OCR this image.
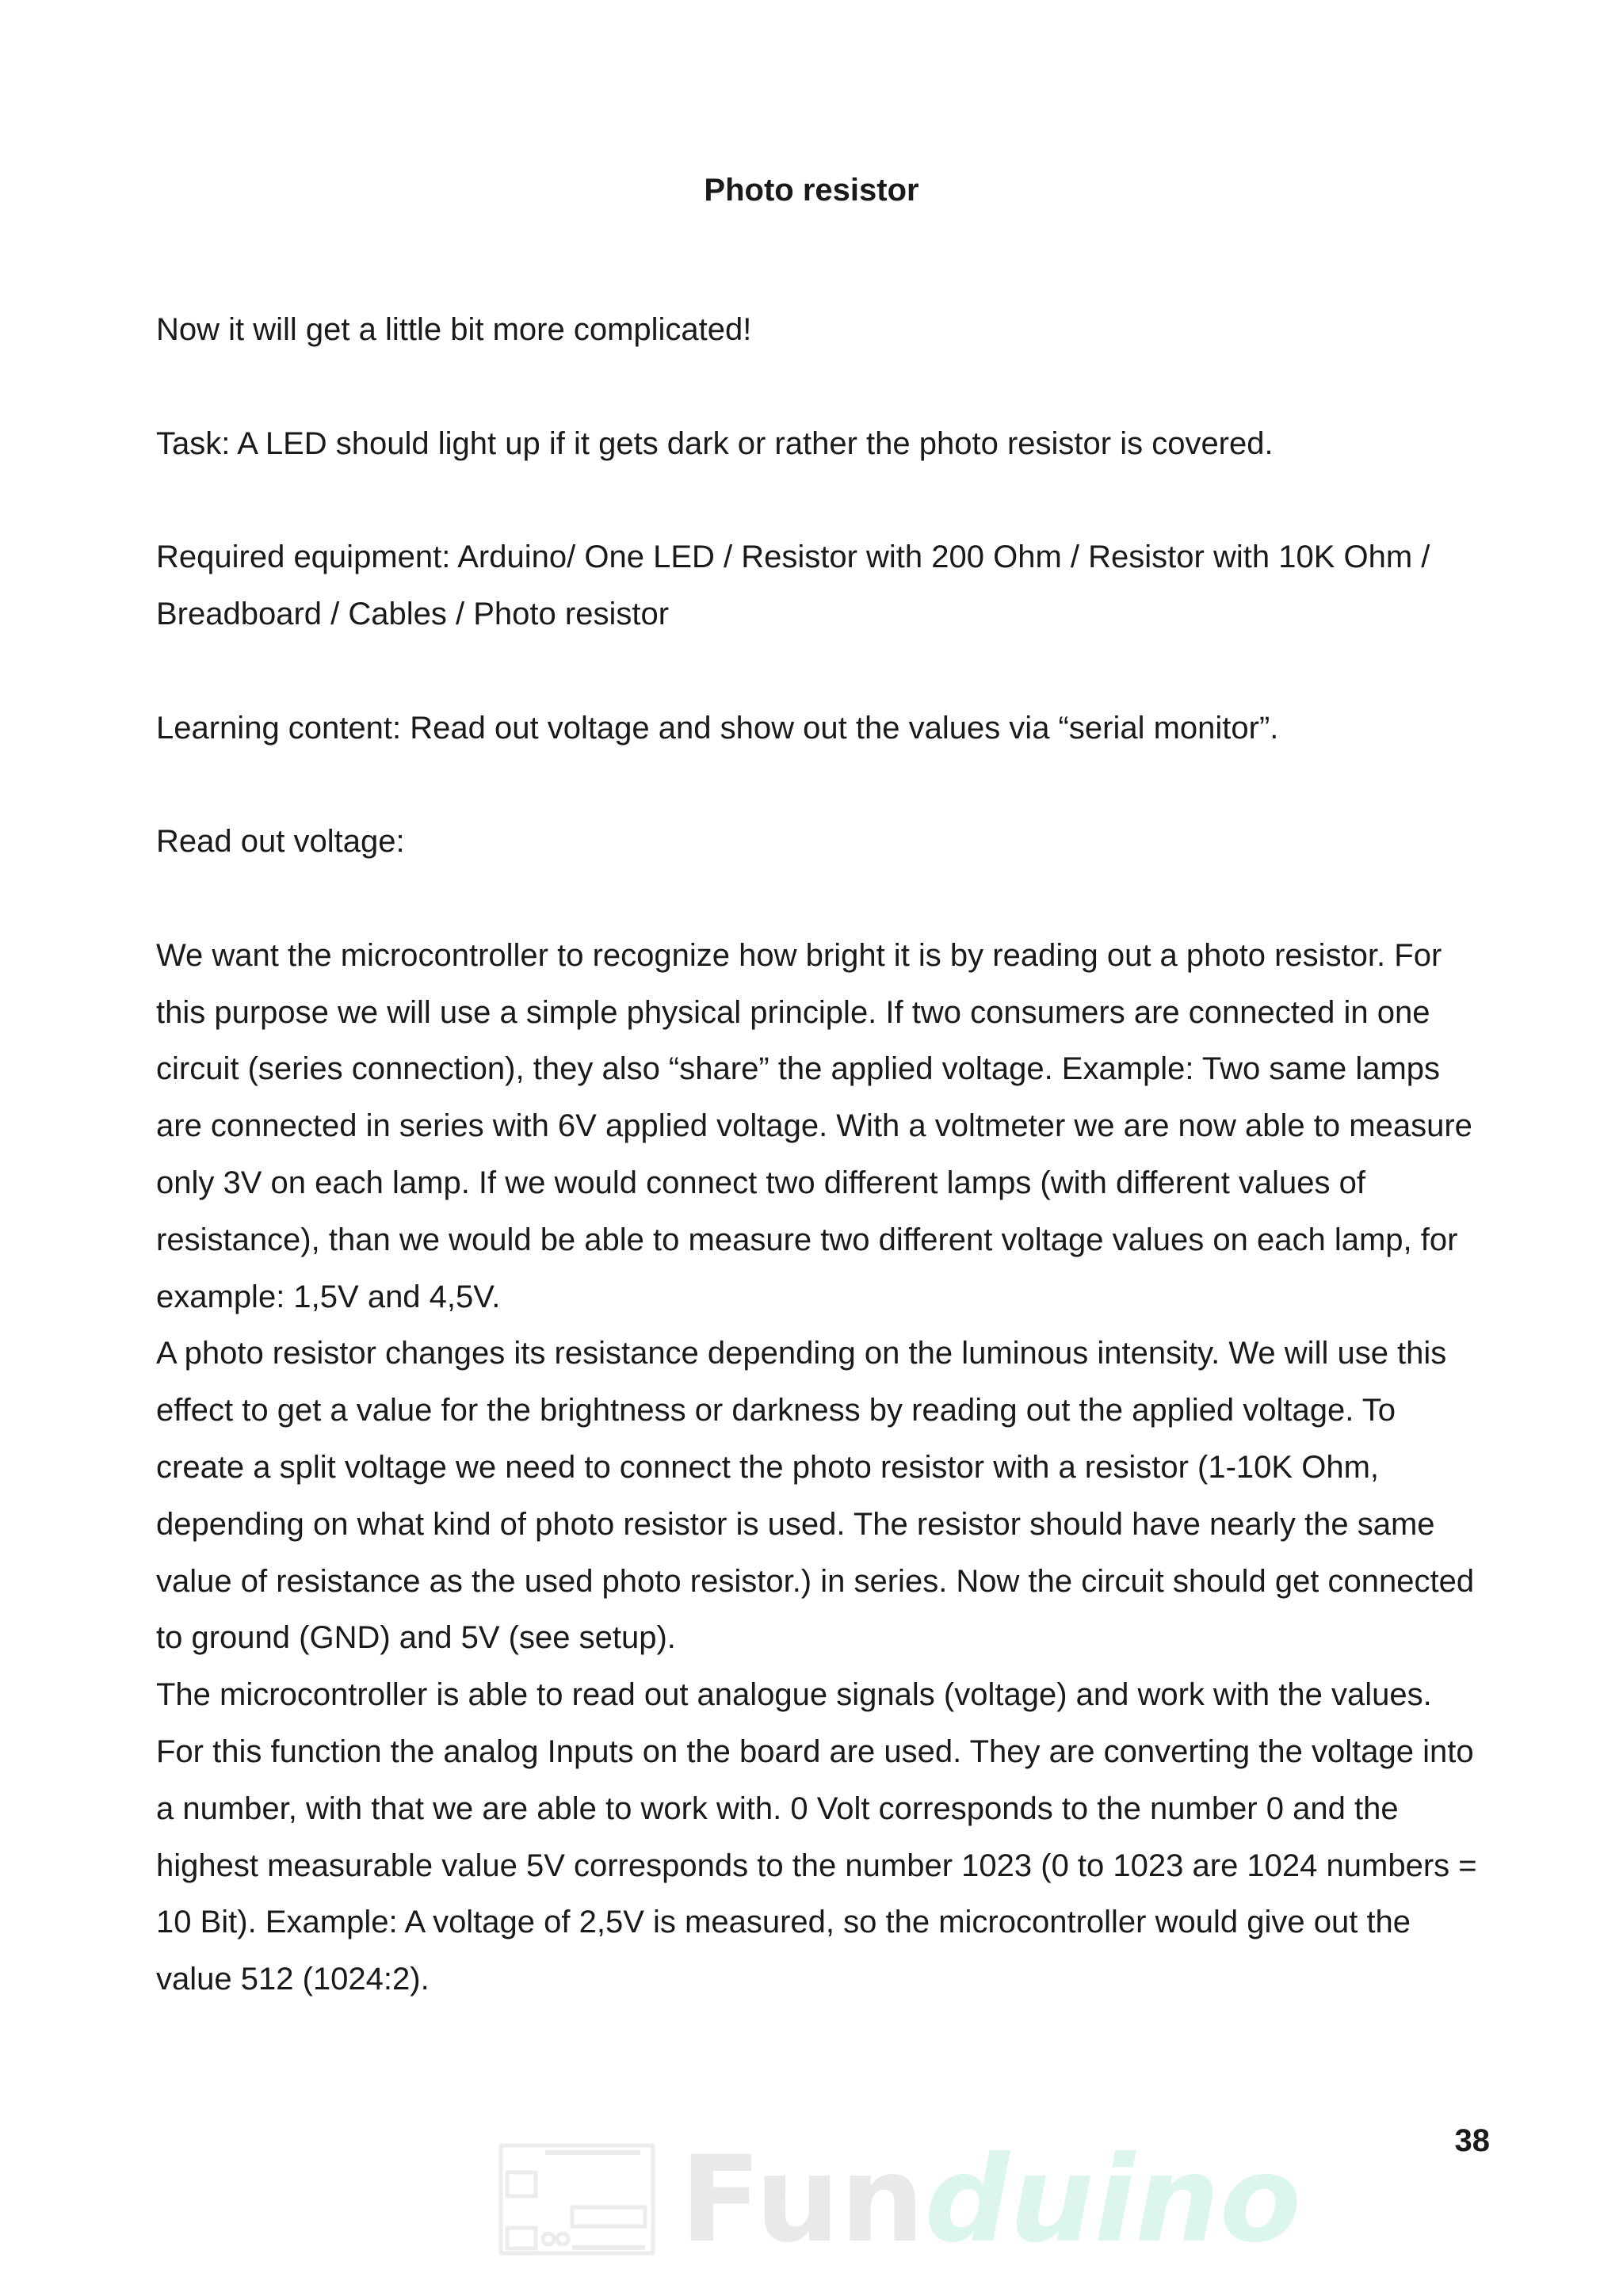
Photo resistor

Now it will get a little bit more complicated!

Task: A LED should light up if it gets dark or rather the photo resistor is covered.

Required equipment: Arduino/ One LED / Resistor with 200 Ohm / Resistor with 10K Ohm / Breadboard / Cables / Photo resistor

Learning content: Read out voltage and show out the values via “serial monitor”.

Read out voltage:

We want the microcontroller to recognize how bright it is by reading out a photo resistor. For this purpose we will use a simple physical principle. If two consumers are connected in one circuit (series connection), they also “share” the applied voltage. Example: Two same lamps are connected in series with 6V applied voltage. With a voltmeter we are now able to measure only 3V on each lamp. If we would connect two different lamps (with different values of resistance), than we would be able to measure two different voltage values on each lamp, for example: 1,5V and 4,5V.

A photo resistor changes its resistance depending on the luminous intensity. We will use this effect to get a value for the brightness or darkness by reading out the applied voltage. To create a split voltage we need to connect the photo resistor with a resistor (1-10K Ohm, depending on what kind of photo resistor is used. The resistor should have nearly the same value of resistance as the used photo resistor.) in series. Now the circuit should get connected to ground (GND) and 5V (see setup).

The microcontroller is able to read out analogue signals (voltage) and work with the values. For this function the analog Inputs on the board are used. They are converting the voltage into a number, with that we are able to work with. 0 Volt corresponds to the number 0 and the highest measurable value 5V corresponds to the number 1023 (0 to 1023 are 1024 numbers = 10 Bit). Example: A voltage of 2,5V is measured, so the microcontroller would give out the value 512 (1024:2).

38
Funduino
